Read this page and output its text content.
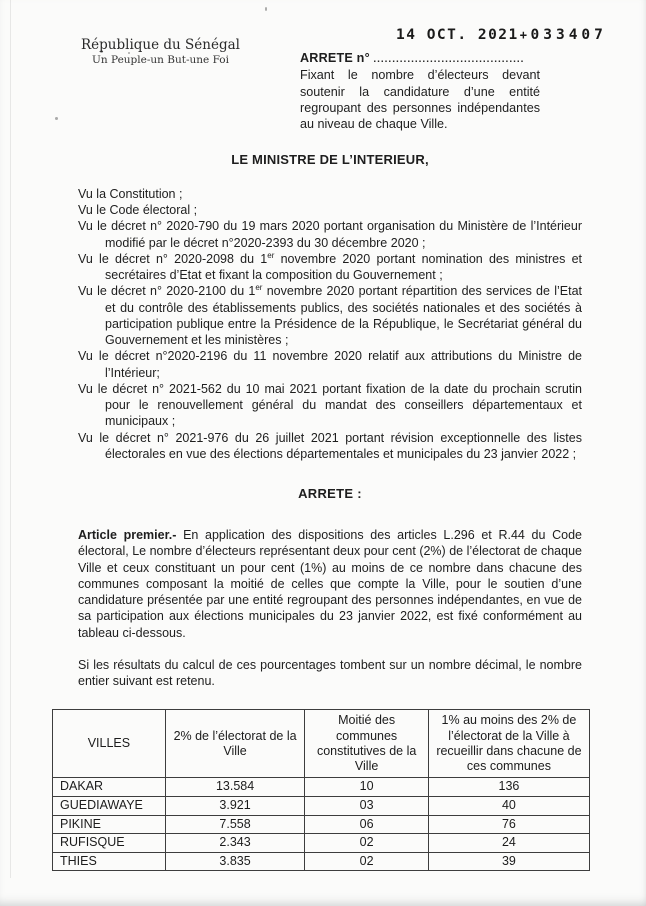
République du Sénégal
Un Peuple-un But-une Foi
14 OCT. 2021+ 033407
ARRETE n° ........................................
Fixant le nombre d’électeurs devant soutenir la candidature d’une entité regroupant des personnes indépendantes au niveau de chaque Ville.
LE MINISTRE DE L’INTERIEUR,
Vu la Constitution ;
Vu le Code électoral ;
Vu le décret n° 2020-790 du 19 mars 2020 portant organisation du Ministère de l’Intérieur modifié par le décret n°2020-2393 du 30 décembre 2020 ;
Vu le décret n° 2020-2098 du 1er novembre 2020 portant nomination des ministres et secrétaires d’Etat et fixant la composition du Gouvernement ;
Vu le décret n° 2020-2100 du 1er novembre 2020 portant répartition des services de l’Etat et du contrôle des établissements publics, des sociétés nationales et des sociétés à participation publique entre la Présidence de la République, le Secrétariat général du Gouvernement et les ministères ;
Vu le décret n°2020-2196 du 11 novembre 2020 relatif aux attributions du Ministre de l’Intérieur;
Vu le décret n° 2021-562 du 10 mai 2021 portant fixation de la date du prochain scrutin pour le renouvellement général du mandat des conseillers départementaux et municipaux ;
Vu le décret n° 2021-976 du 26 juillet 2021 portant révision exceptionnelle des listes électorales en vue des élections départementales et municipales du 23 janvier 2022 ;
ARRETE :

Article premier.- En application des dispositions des articles L.296 et R.44 du Code électoral, Le nombre d’électeurs représentant deux pour cent (2%) de l’électorat de chaque Ville et ceux constituant un pour cent (1%) au moins de ce nombre dans chacune des communes composant la moitié de celles que compte la Ville, pour le soutien d’une candidature présentée par une entité regroupant des personnes indépendantes, en vue de sa participation aux élections municipales du 23 janvier 2022, est fixé conformément au tableau ci-dessous.

Si les résultats du calcul de ces pourcentages tombent sur un nombre décimal, le nombre entier suivant est retenu.

VILLES	2% de l’électorat de la Ville	Moitié des communes constitutives de la Ville	1% au moins des 2% de l’électorat de la Ville à recueillir dans chacune de ces communes
DAKAR	13.584	10	136
GUEDIAWAYE	3.921	03	40
PIKINE	7.558	06	76
RUFISQUE	2.343	02	24
THIES	3.835	02	39
